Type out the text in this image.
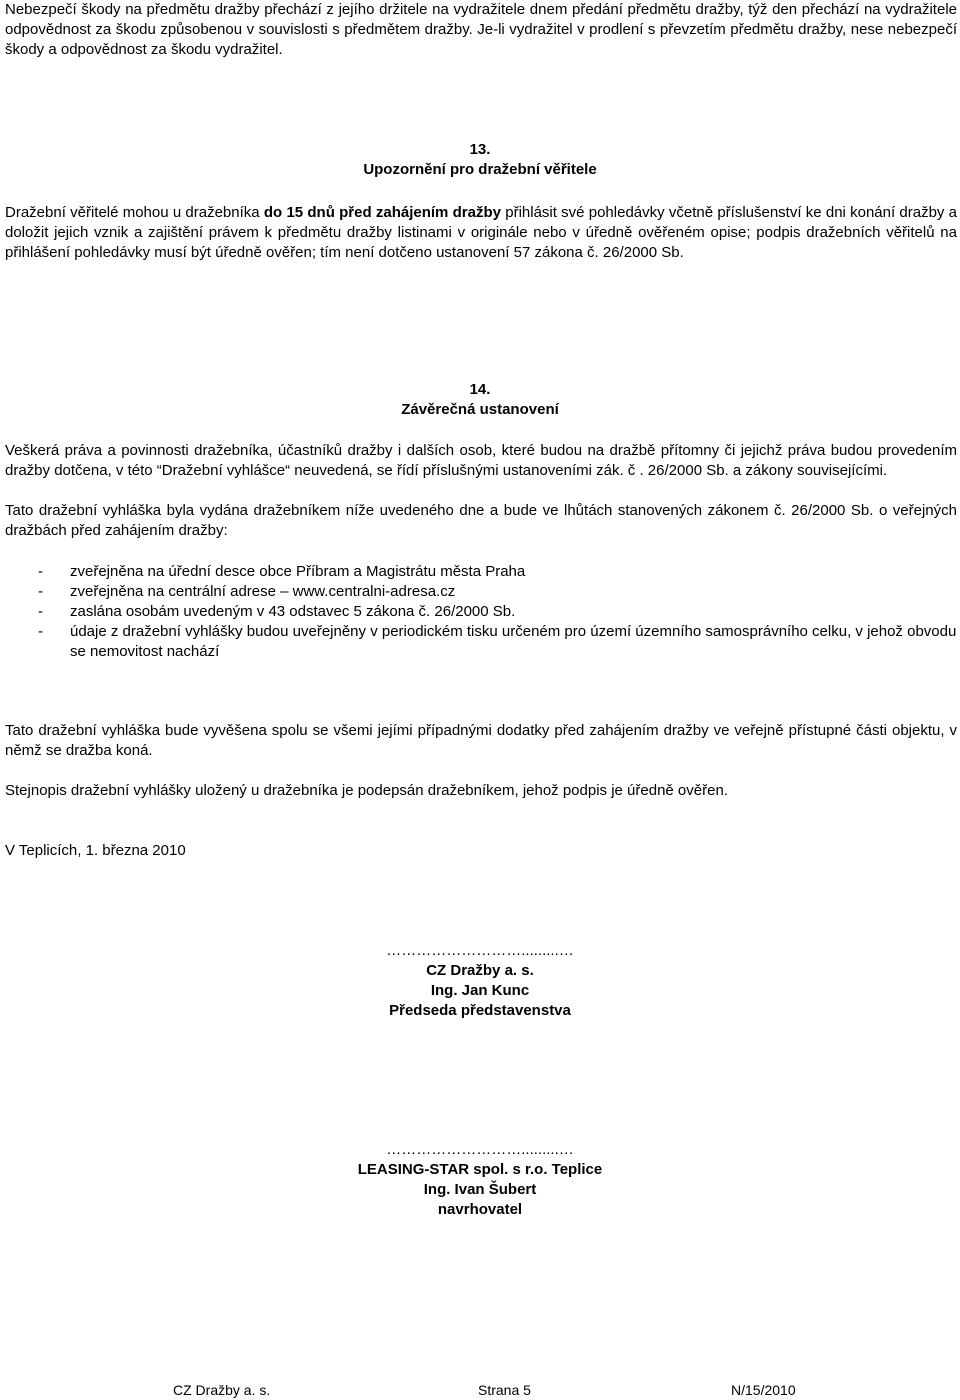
Nebezpečí škody na předmětu dražby přechází z jejího držitele na vydražitele dnem předání předmětu dražby, týž den přechází na vydražitele odpovědnost za škodu způsobenou v souvislosti s předmětem dražby. Je-li vydražitel v prodlení s převzetím předmětu dražby, nese nebezpečí škody a odpovědnost za škodu vydražitel.
13.
Upozornění pro dražební věřitele
Dražební věřitelé mohou u dražebníka do 15 dnů před zahájením dražby přihlásit své pohledávky včetně příslušenství ke dni konání dražby a doložit jejich vznik a zajištění právem k předmětu dražby listinami v originále nebo v úředně ověřeném opise; podpis dražebních věřitelů na přihlášení pohledávky musí být úředně ověřen; tím není dotčeno ustanovení 57 zákona č. 26/2000 Sb.
14.
Závěrečná ustanovení
Veškerá práva a povinnosti dražebníka, účastníků dražby i dalších osob, které budou na dražbě přítomny či jejichž práva budou provedením dražby dotčena, v této “Dražební vyhlášce“ neuvedená, se řídí příslušnými ustanoveními zák. č . 26/2000 Sb. a zákony souvisejícími.
Tato dražební vyhláška byla vydána dražebníkem níže uvedeného dne a bude ve lhůtách stanovených zákonem č. 26/2000 Sb. o veřejných dražbách před zahájením dražby:
- zveřejněna na úřední desce obce Příbram a Magistrátu města Praha
- zveřejněna na centrální adrese – www.centralni-adresa.cz
- zaslána osobám uvedeným v 43 odstavec 5 zákona č. 26/2000 Sb.
- údaje z dražební vyhlášky budou uveřejněny v periodickém tisku určeném pro území územního samosprávního celku, v jehož obvodu se nemovitost nachází
Tato dražební vyhláška bude vyvěšena spolu se všemi jejími případnými dodatky před zahájením dražby ve veřejně přístupné části objektu, v němž se dražba koná.
Stejnopis dražební vyhlášky uložený u dražebníka je podepsán dražebníkem, jehož podpis je úředně ověřen.
V Teplicích, 1. března 2010
……………………….........…
CZ Dražby a. s.
Ing. Jan Kunc
Předseda představenstva
……………………….........…
LEASING-STAR spol. s r.o. Teplice
Ing. Ivan Šubert
navrhovatel
CZ Dražby a. s.	Strana 5	N/15/2010
